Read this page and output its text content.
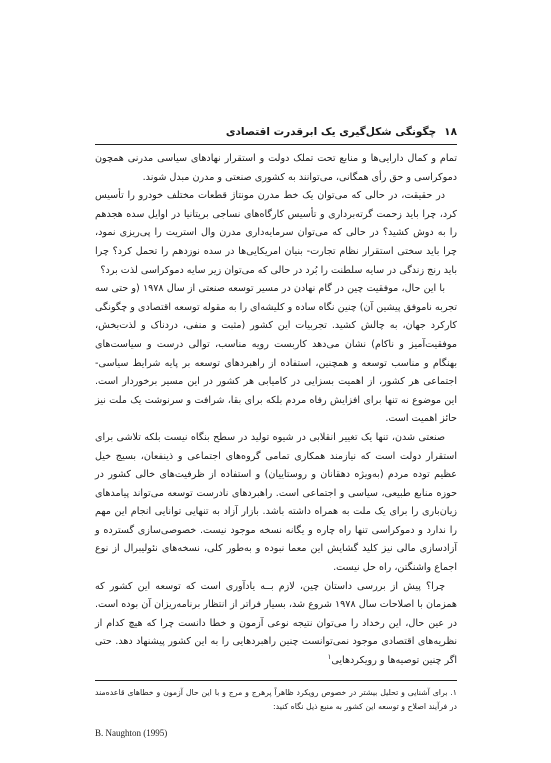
۱۸
چگونگی شکل‌گیری یک ابرقدرت اقتصادی

تمام و کمال دارایی‌ها و منابع تحت تملک دولت و استقرار نهادهای سیاسی مدرنی همچون دموکراسی و حق رأی همگانی، می‌توانند به کشوری صنعتی و مدرن مبدل شوند.

در حقیقت، در حالی که می‌توان یک خط مدرن مونتاژ قطعات مختلف خودرو را تأسیس کرد، چرا باید زحمت گرته‌برداری و تأسیس کارگاه‌های نساجی بریتانیا در اوایل سده هجدهم را به دوش کشید؟ در حالی که می‌توان سرمایه‌داری مدرن وال استریت را پی‌ریزی نمود، چرا باید سختی استقرار نظام تجارت- بنیان امریکایی‌ها در سده نوزدهم را تحمل کرد؟ چرا باید رنج زندگی در سایه سلطنت را بُرد در حالی که می‌توان زیر سایه دموکراسی لذت برد؟

با این حال، موفقیت چین در گام نهادن در مسیر توسعه صنعتی از سال ۱۹۷۸ (و حتی سه تجربه ناموفق پیشین آن) چنین نگاه ساده و کلیشه‌ای را به مقوله توسعه اقتصادی و چگونگی کارکرد جهان، به چالش کشید. تجربیات این کشور (مثبت و منفی، دردناک و لذت‌بخش، موفقیت‌آمیز و ناکام) نشان می‌دهد کاربست رویه مناسب، توالی درست و سیاست‌های بهنگام و مناسب توسعه و همچنین، استفاده از راهبردهای توسعه بر پایه شرایط سیاسی- اجتماعی هر کشور، از اهمیت بسزایی در کامیابی هر کشور در این مسیر برخوردار است. این موضوع نه تنها برای افزایش رفاه مردم بلکه برای بقا، شرافت و سرنوشت یک ملت نیز حائز اهمیت است.

صنعتی شدن، تنها یک تغییر انقلابی در شیوه تولید در سطح بنگاه نیست بلکه تلاشی برای استقرار دولت است که نیازمند همکاری تمامی گروه‌های اجتماعی و ذینفعان، بسیج خیل عظیم توده مردم (به‌ویژه دهقانان و روستاییان) و استفاده از ظرفیت‌های خالی کشور در حوزه منابع طبیعی، سیاسی و اجتماعی است. راهبردهای نادرست توسعه می‌تواند پیامدهای زیان‌باری را برای یک ملت به همراه داشته باشد. بازار آزاد به تنهایی توانایی انجام این مهم را ندارد و دموکراسی تنها راه چاره و یگانه نسخه موجود نیست. خصوصی‌سازی گسترده و آزادسازی مالی نیز کلید گشایش این معما نبوده و به‌طور کلی، نسخه‌های نئولیبرال از نوع اجماع واشنگتن، راه حل نیست.

چرا؟ پیش از بررسی داستان چین، لازم بــه یادآوری است که توسعه این کشور که همزمان با اصلاحات سال ۱۹۷۸ شروع شد، بسیار فراتر از انتظار برنامه‌ریزان آن بوده است. در عین حال، این رخداد را می‌توان نتیجه نوعی آزمون و خطا دانست چرا که هیچ کدام از نظریه‌های اقتصادی موجود نمی‌توانست چنین راهبردهایی را به این کشور پیشنهاد دهد. حتی اگر چنین توصیه‌ها و رویکردهایی$^۱$

۱. برای آشنایی و تحلیل بیشتر در خصوص رویکرد ظاهراً پرهرج و مرج و با این حال آزمون و خطاهای قاعده‌مند در فرآیند اصلاح و توسعه این کشور به منبع ذیل نگاه کنید:
B. Naughton (1995)
